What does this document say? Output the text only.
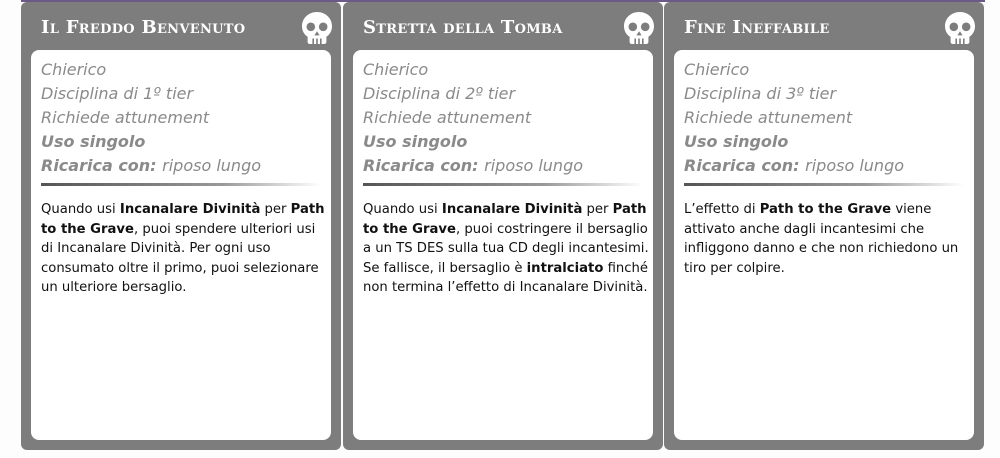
Il Freddo Benvenuto
Chierico
Disciplina di 1º tier
Richiede attunement
Uso singolo
Ricarica con: riposo lungo
Quando usi Incanalare Divinità per Path to the Grave, puoi spendere ulteriori usi di Incanalare Divinità. Per ogni uso consumato oltre il primo, puoi selezionare un ulteriore bersaglio.
Stretta della Tomba
Chierico
Disciplina di 2º tier
Richiede attunement
Uso singolo
Ricarica con: riposo lungo
Quando usi Incanalare Divinità per Path to the Grave, puoi costringere il bersaglio a un TS DES sulla tua CD degli incantesimi. Se fallisce, il bersaglio è intralciato finché non termina l’effetto di Incanalare Divinità.
Fine Ineffabile
Chierico
Disciplina di 3º tier
Richiede attunement
Uso singolo
Ricarica con: riposo lungo
L’effetto di Path to the Grave viene attivato anche dagli incantesimi che infliggono danno e che non richiedono un tiro per colpire.
